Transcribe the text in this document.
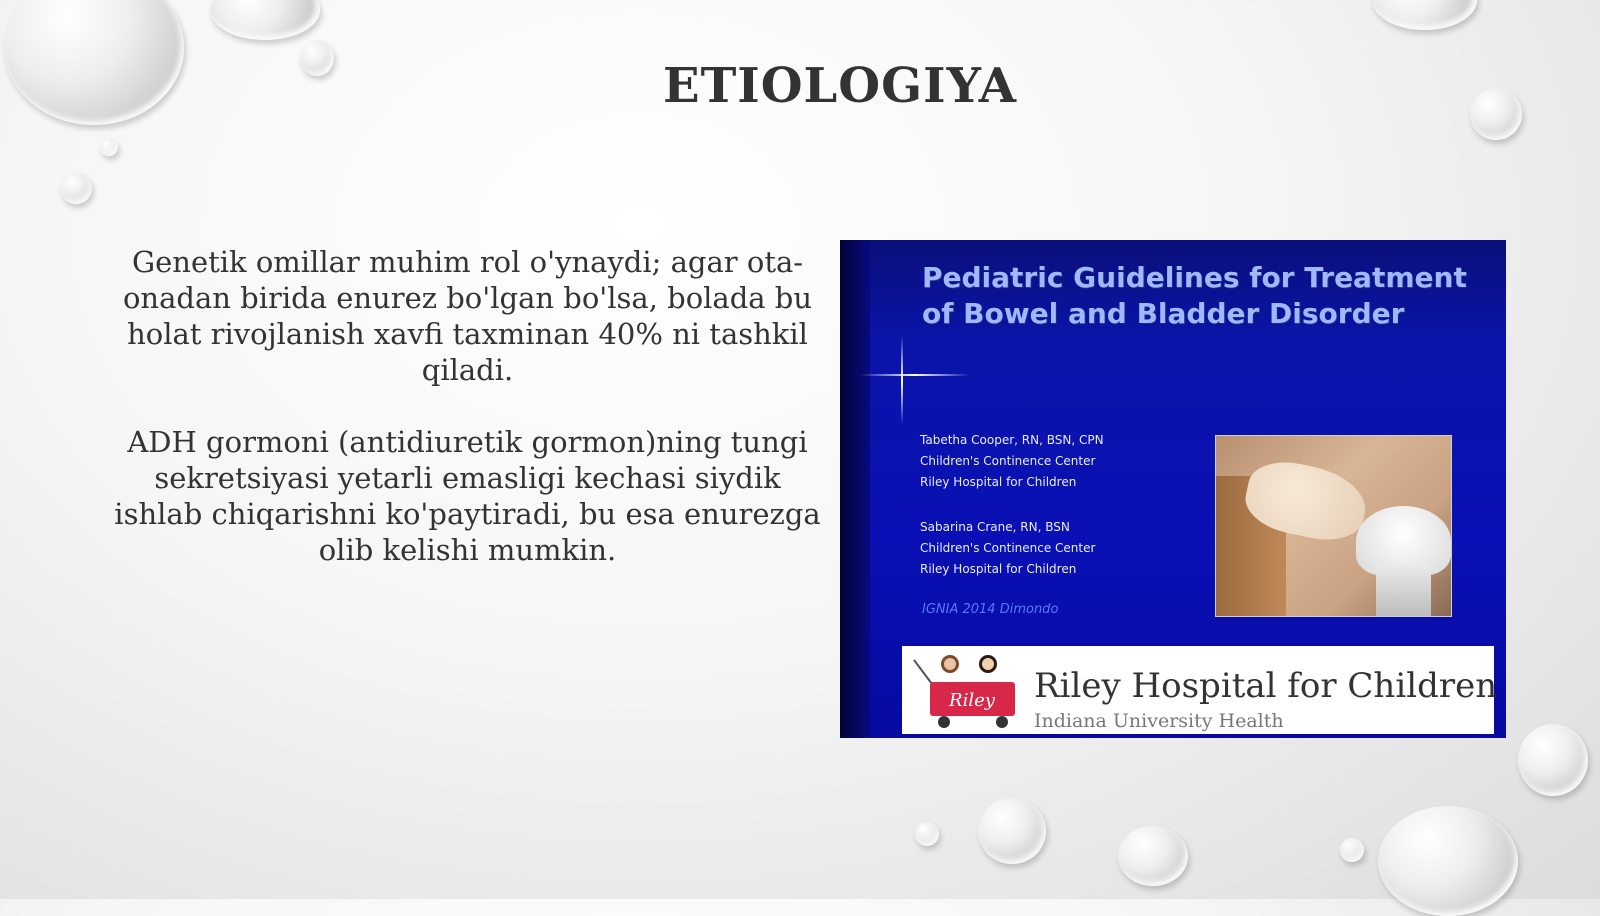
ETIOLOGIYA

Genetik omillar muhim rol o'ynaydi; agar ota-onadan birida enurez bo'lgan bo'lsa, bolada bu holat rivojlanish xavfi taxminan 40% ni tashkil qiladi.

ADH gormoni (antidiuretik gormon)ning tungi sekretsiyasi yetarli emasligi kechasi siydik ishlab chiqarishni ko'paytiradi, bu esa enurezga olib kelishi mumkin.

Pediatric Guidelines for Treatment of Bowel and Bladder Disorder
Tabetha Cooper, RN, BSN, CPN
Children's Continence Center
Riley Hospital for Children
Sabarina Crane, RN, BSN
Children's Continence Center
Riley Hospital for Children
IGNIA 2014 Dimondo
Riley Riley Hospital for Children
Indiana University Health
